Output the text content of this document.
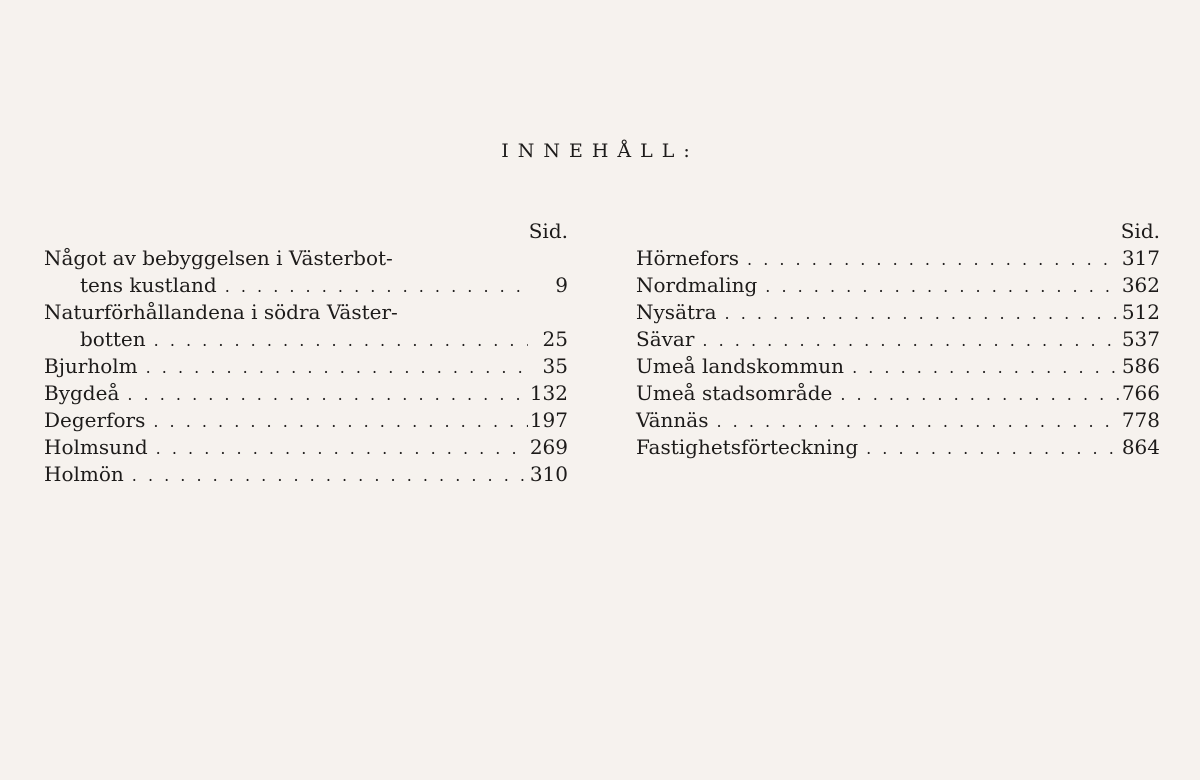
INNEHÅLL:
Sid.
Något av bebyggelsen i Västerbot-
tens kustland . . .	9
Naturförhållandena i södra Väster-
botten . . .	25
Bjurholm . . .	35
Bygdeå . . .	132
Degerfors . . .	197
Holmsund . . .	269
Holmön . . .	310
Sid.
Hörnefors . . .	317
Nordmaling . . .	362
Nysätra . . .	512
Sävar . . .	537
Umeå landskommun . . .	586
Umeå stadsområde . . .	766
Vännäs . . .	778
Fastighetsförteckning . . .	864
